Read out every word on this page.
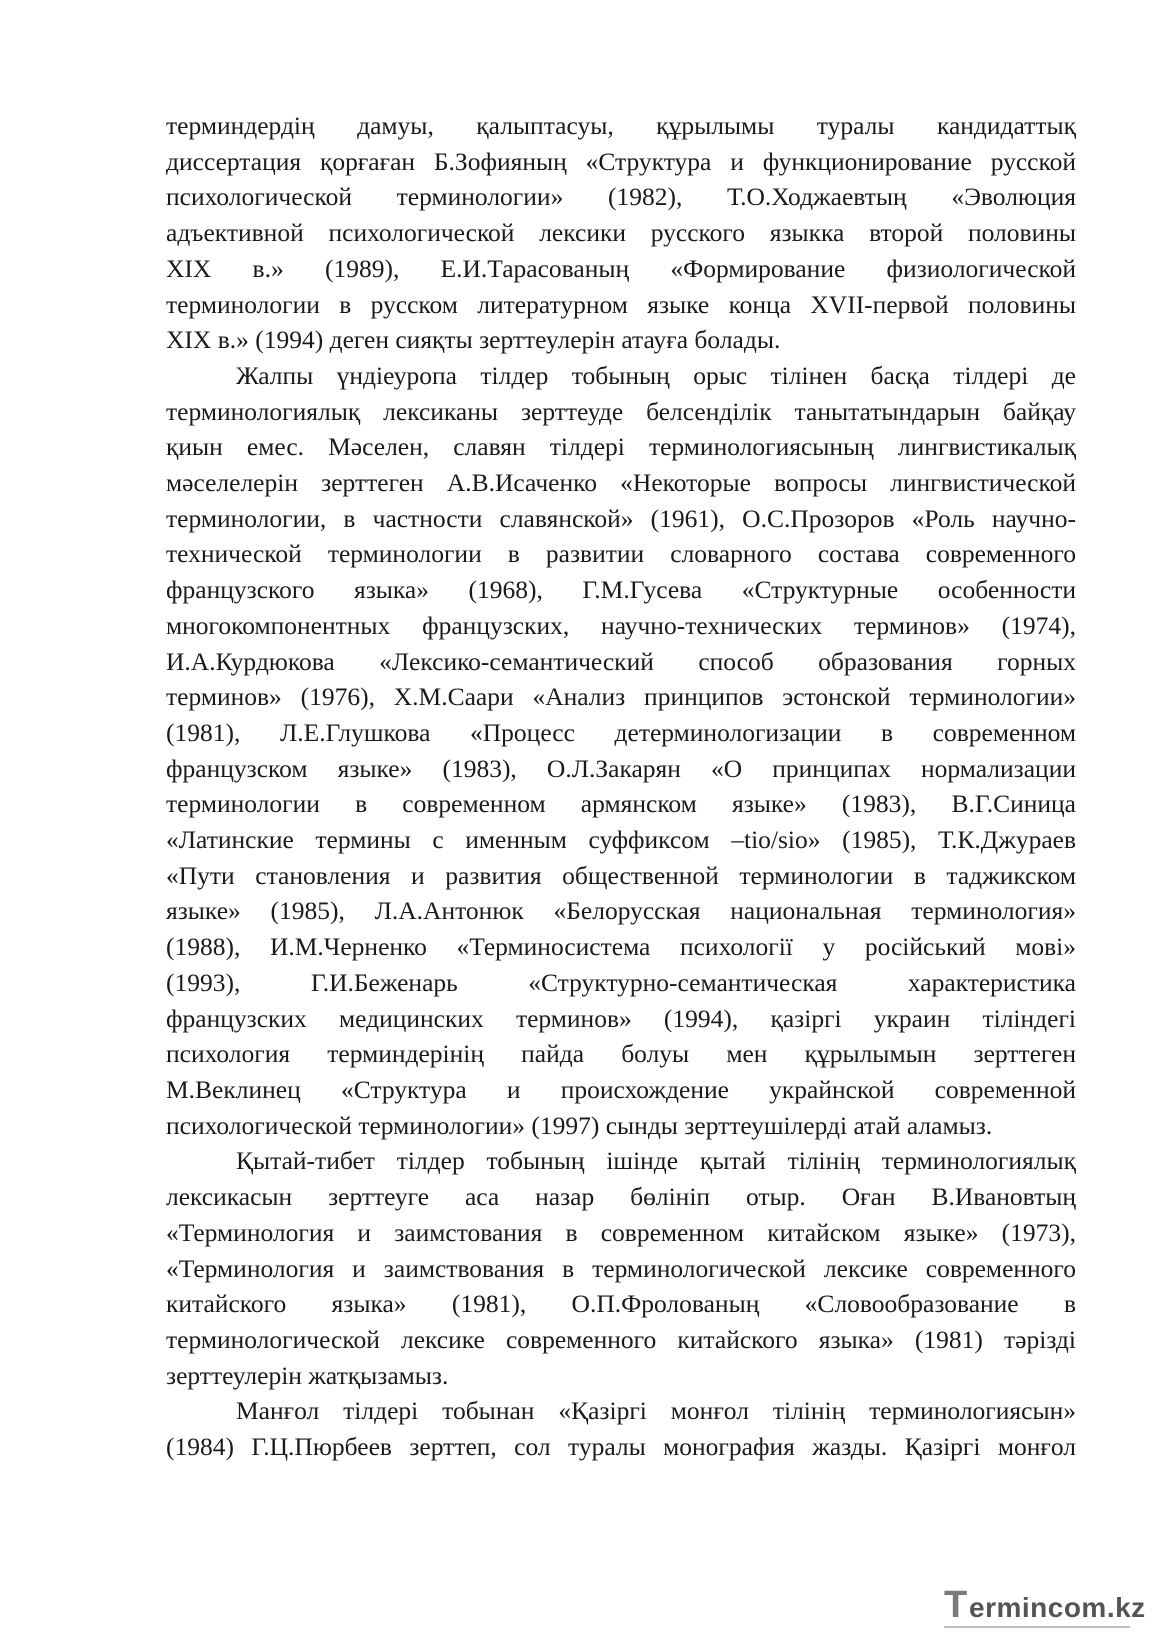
терминдердің дамуы, қалыптасуы, құрылымы туралы кандидаттық
диссертация қорғаған Б.Зофияның «Структура и функционирование русской
психологической терминологии» (1982), Т.О.Ходжаевтың «Эволюция
адъективной психологической лексики русского языкка второй половины
XIX в.» (1989), Е.И.Тарасованың «Формирование физиологической
терминологии в русском литературном языке конца XVII-первой половины
XIX в.» (1994) деген сияқты зерттеулерін атауға болады.

Жалпы үндіеуропа тілдер тобының орыс тілінен басқа тілдері де
терминологиялық лексиканы зерттеуде белсенділік танытатындарын байқау
қиын емес. Мәселен, славян тілдері терминологиясының лингвистикалық
мәселелерін зерттеген А.В.Исаченко «Некоторые вопросы лингвистической
терминологии, в частности славянской» (1961), О.С.Прозоров «Роль научно-
технической терминологии в развитии словарного состава современного
французского языка» (1968), Г.М.Гусева «Структурные особенности
многокомпонентных французских, научно-технических терминов» (1974),
И.А.Курдюкова «Лексико-семантический способ образования горных
терминов» (1976), Х.М.Саари «Анализ принципов эстонской терминологии»
(1981), Л.Е.Глушкова «Процесс детерминологизации в современном
французском языке» (1983), О.Л.Закарян «О принципах нормализации
терминологии в современном армянском языке» (1983), В.Г.Синица
«Латинские термины с именным суффиксом –tio/sio» (1985), Т.К.Джураев
«Пути становления и развития общественной терминологии в таджикском
языке» (1985), Л.А.Антонюк «Белорусская национальная терминология»
(1988), И.М.Черненко «Терминосистема психології у російський мові»
(1993), Г.И.Беженарь «Структурно-семантическая характеристика
французских медицинских терминов» (1994), қазіргі украин тіліндегі
психология терминдерінің пайда болуы мен құрылымын зерттеген
М.Веклинец «Структура и происхождение украйнской современной
психологической терминологии» (1997) сынды зерттеушілерді атай аламыз.

Қытай-тибет тілдер тобының ішінде қытай тілінің терминологиялық
лексикасын зерттеуге аса назар бөлініп отыр. Оған В.Ивановтың
«Терминология и заимстования в современном китайском языке» (1973),
«Терминология и заимствования в терминологической лексике современного
китайского языка» (1981), О.П.Фролованың «Словообразование в
терминологической лексике современного китайского языка» (1981) тәрізді
зерттеулерін жатқызамыз.

Манғол тілдері тобынан «Қазіргі монғол тілінің терминологиясын»
(1984) Г.Ц.Пюрбеев зерттеп, сол туралы монография жазды. Қазіргі монғол

T ermincom.kz
